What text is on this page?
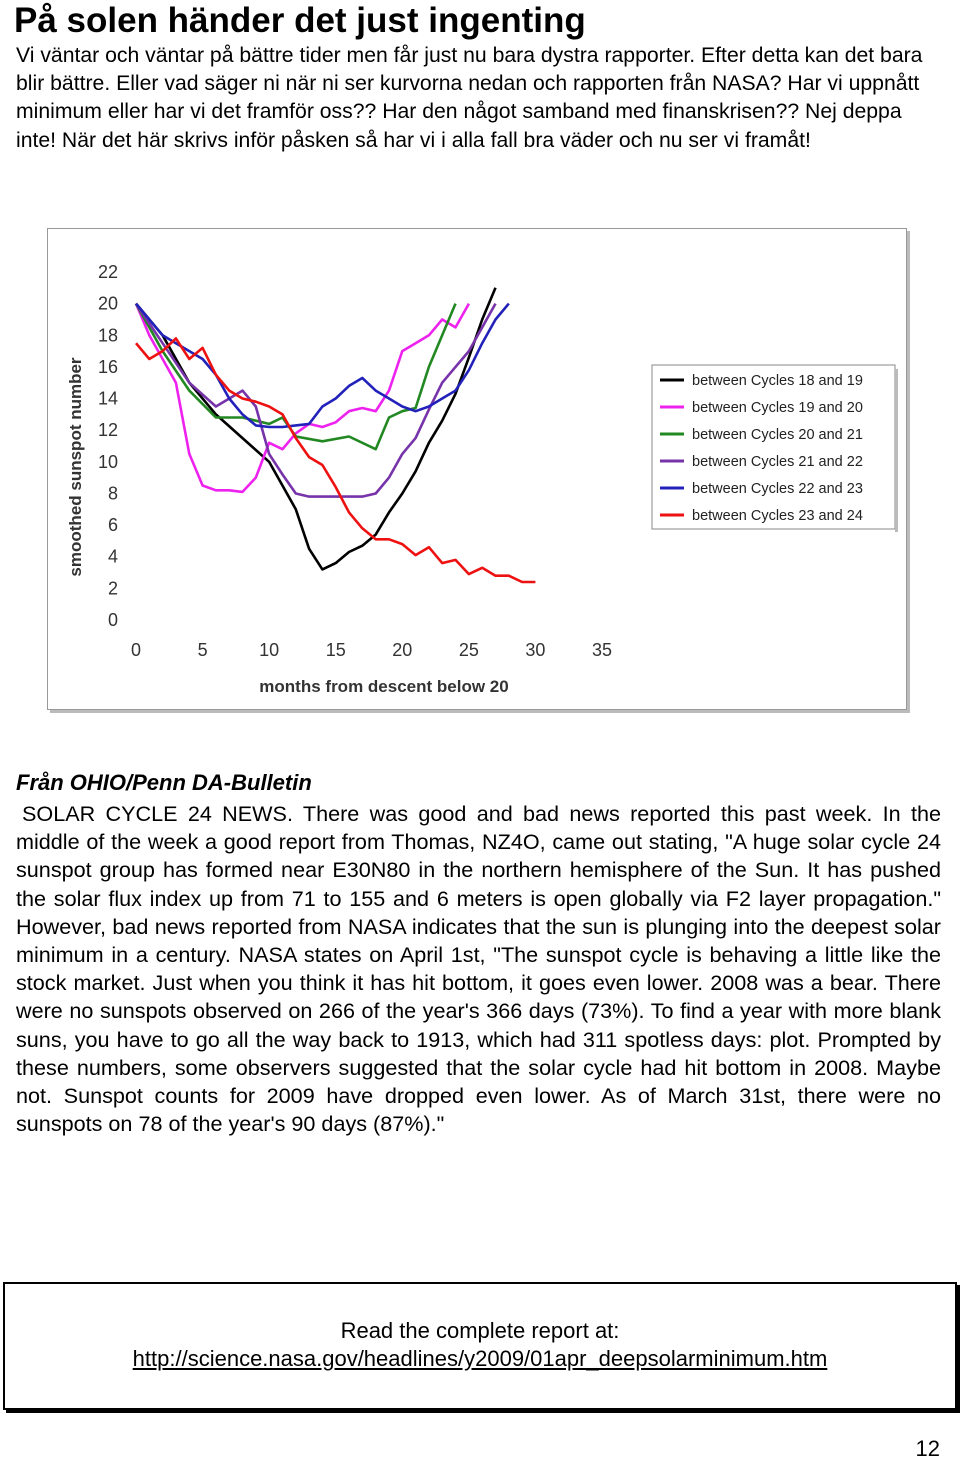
På solen händer det just ingenting

Vi väntar och väntar på bättre tider men får just nu bara dystra rapporter. Efter detta kan det bara blir bättre. Eller vad säger ni när ni ser kurvorna nedan och rapporten från NASA? Har vi uppnått minimum eller har vi det framför oss?? Har den något samband med finanskrisen?? Nej deppa inte! När det här skrivs inför påsken så har vi i alla fall bra väder och nu ser vi framåt!

0
2
4
6
8
10
12
14
16
18
20
22
0	5	10	15	20	25	30	35
smoothed sunspot number
months from descent below 20
between Cycles 18 and 19
between Cycles 19 and 20
between Cycles 20 and 21
between Cycles 21 and 22
between Cycles 22 and 23
between Cycles 23 and 24
Från OHIO/Penn DA-Bulletin

SOLAR CYCLE 24 NEWS. There was good and bad news reported this past week. In the middle of the week a good report from Thomas, NZ4O, came out stating, "A huge solar cycle 24 sunspot group has formed near E30N80 in the northern hemisphere of the Sun. It has pushed the solar flux index up from 71 to 155 and 6 meters is open globally via F2 layer propagation." However, bad news reported from NASA indicates that the sun is plunging into the deepest solar minimum in a century. NASA states on April 1st, "The sunspot cycle is behaving a little like the stock market. Just when you think it has hit bottom, it goes even lower. 2008 was a bear. There were no sunspots observed on 266 of the year's 366 days (73%). To find a year with more blank suns, you have to go all the way back to 1913, which had 311 spotless days: plot. Prompted by these numbers, some observers suggested that the solar cycle had hit bottom in 2008. Maybe not. Sunspot counts for 2009 have dropped even lower. As of March 31st, there were no sunspots on 78 of the year's 90 days (87%)."

Read the complete report at:
http://science.nasa.gov/headlines/y2009/01apr_deepsolarminimum.htm
12
